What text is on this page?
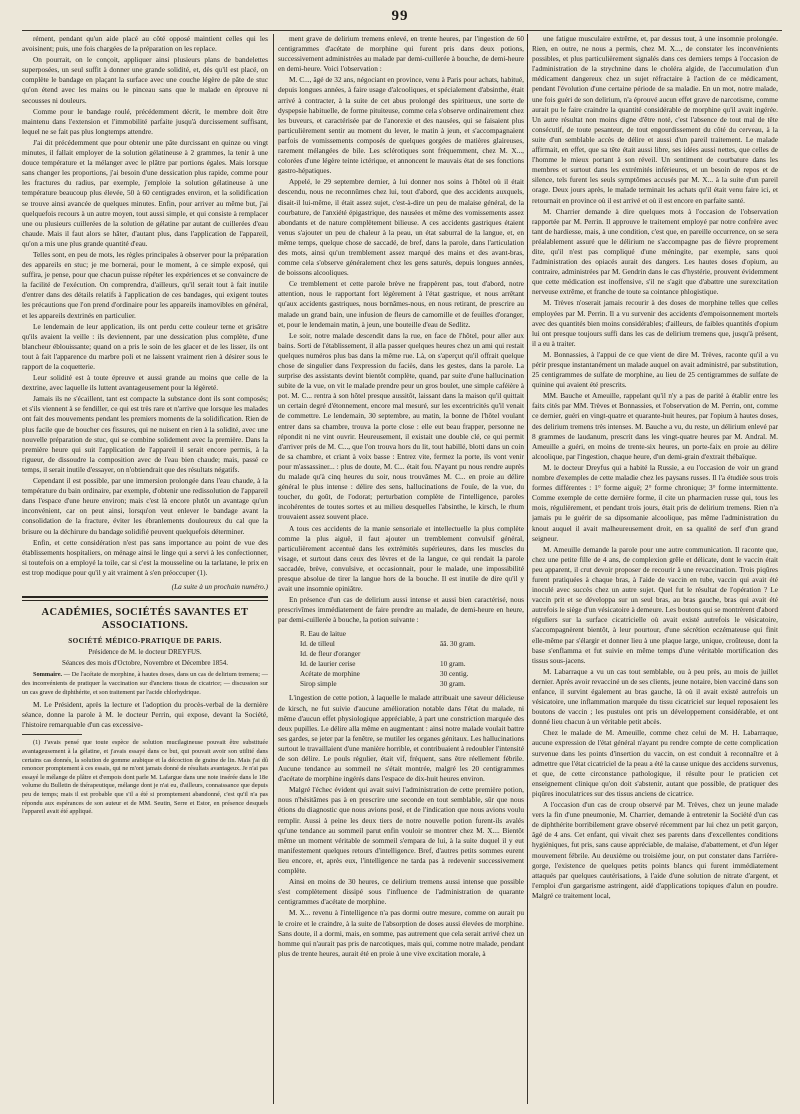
99

rément, pendant qu'un aide placé au côté opposé maintient celles qui les avoisinent; puis, une fois chargées de la préparation on les replace.

On pourrait, on le conçoit, appliquer ainsi plusieurs plans de bandelettes superposées, un seul suffit à donner une grande solidité, et, dès qu'il est placé, on complète le bandage en plaçant la surface avec une couche légère de pâte de stuc qu'on étend avec les mains ou le pinceau sans que le malade en éprouve ni secousses ni douleurs.

Comme pour le bandage roulé, précédemment décrit, le membre doit être maintenu dans l'extension et l'immobilité parfaite jusqu'à durcissement suffisant, lequel ne se fait pas plus longtemps attendre.

J'ai dit précédemment que pour obtenir une pâte durcissant en quinze ou vingt minutes, il fallait employer de la solution gélatineuse à 2 grammes, la tenir à une douce température et la mélanger avec le plâtre par portions égales. Mais lorsque sans changer les proportions, j'ai besoin d'une dessication plus rapide, comme pour les fractures du radius, par exemple, j'emploie la solution gélatineuse à une température beaucoup plus élevée, 50 à 60 centigrades environ, et la solidification se trouve ainsi avancée de quelques minutes. Enfin, pour arriver au même but, j'ai quelquefois recours à un autre moyen, tout aussi simple, et qui consiste à remplacer une ou plusieurs cuillerées de la solution de gélatine par autant de cuillerées d'eau chaude. Mais il faut alors se hâter, d'autant plus, dans l'application de l'appareil, qu'on a mis une plus grande quantité d'eau.

Telles sont, en peu de mots, les règles principales à observer pour la préparation des appareils en stuc; je me bornerai, pour le moment, à ce simple exposé, qui suffira, je pense, pour que chacun puisse répéter les expériences et se convaincre de la facilité de l'exécution. On comprendra, d'ailleurs, qu'il serait tout à fait inutile d'entrer dans des détails relatifs à l'application de ces bandages, qui exigent toutes les précautions que l'on prend d'ordinaire pour les appareils inamovibles en général, et les appareils dextrinés en particulier.

Le lendemain de leur application, ils ont perdu cette couleur terne et grisâtre qu'ils avaient la veille : ils deviennent, par une dessication plus complète, d'une blancheur éblouissante; quand on a pris le soin de les glacer et de les lisser, ils ont tout à fait l'apparence du marbre poli et ne laissent vraiment rien à désirer sous le rapport de la coquetterie.

Leur solidité est à toute épreuve et aussi grande au moins que celle de la dextrine, avec laquelle ils luttent avantageusement pour la légèreté.

Jamais ils ne s'écaillent, tant est compacte la substance dont ils sont composés; et s'ils viennent à se fendiller, ce qui est très rare et n'arrive que lorsque les malades ont fait des mouvements pendant les premiers moments de la solidification. Rien de plus facile que de boucher ces fissures, qui ne nuisent en rien à la solidité, avec une nouvelle préparation de stuc, qui se combine solidement avec la première. Dans la première heure qui suit l'application de l'appareil il serait encore permis, à la rigueur, de dissoudre la composition avec de l'eau bien chaude; mais, passé ce temps, il serait inutile d'essayer, on n'obtiendrait que des résultats négatifs.

Cependant il est possible, par une immersion prolongée dans l'eau chaude, à la température du bain ordinaire, par exemple, d'obtenir une redissolution de l'appareil dans l'espace d'une heure environ; mais c'est là encore plutôt un avantage qu'un inconvénient, car on peut ainsi, lorsqu'on veut enlever le bandage avant la consolidation de la fracture, éviter les ébranlements douloureux du cal que la brisure ou la déchirure du bandage solidifié peuvent quelquefois déterminer.

Enfin, et cette considération n'est pas sans importance au point de vue des établissements hospitaliers, on ménage ainsi le linge qui a servi à les confectionner, si toutefois on a employé la toile, car si c'est la mousseline ou la tarlatane, le prix en est trop modique pour qu'il y ait vraiment à s'en préoccuper (1).

(La suite à un prochain numéro.)
ACADÉMIES, SOCIÉTÉS SAVANTES ET ASSOCIATIONS.
SOCIÉTÉ MÉDICO-PRATIQUE DE PARIS.
Présidence de M. le docteur DREYFUS.
Séances des mois d'Octobre, Novembre et Décembre 1854.
Sommaire. — De l'acétate de morphine, à hautes doses, dans un cas de delirium tremens; — des inconvénients de pratiquer la vaccination sur d'anciens tissus de cicatrice; — discussion sur un cas grave de diphthérite, et son traitement par l'acide chlorhydrique.

M. Le Président, après la lecture et l'adoption du procès-verbal de la dernière séance, donne la parole à M. le docteur Perrin, qui expose, devant la Société, l'histoire remarquable d'un cas excessive-

(1) J'avais pensé que toute espèce de solution mucilagineuse pouvait être substituée avantageusement à la gélatine, et j'avais essayé dans ce but, qui pouvait avoir son utilité dans certains cas donnés, la solution de gomme arabique et la décoction de graine de lin. Mais j'ai dû renoncer promptement à ces essais, qui ne m'ont jamais donné de résultats avantageux. Je n'ai pas essayé le mélange de plâtre et d'empois dont parle M. Lafargue dans une note insérée dans le 18e volume du Bulletin de thérapeutique, mélange dont je n'ai eu, d'ailleurs, connaissance que depuis peu de temps; mais il est probable que s'il a été si promptement abandonné, c'est qu'il n'a pas répondu aux espérances de son auteur et de MM. Seutin, Serre et Estor, en présence desquels l'appareil avait été appliqué.

ment grave de delirium tremens enlevé, en trente heures, par l'ingestion de 60 centigrammes d'acétate de morphine qui furent pris dans deux potions, successivement administrées au malade par demi-cuillerée à bouche, de demi-heure en demi-heure. Voici l'observation :

M. C..., âgé de 32 ans, négociant en province, venu à Paris pour achats, habitué, depuis longues années, à faire usage d'alcooliques, et spécialement d'absinthe, était arrivé à contracter, à la suite de cet abus prolongé des spiritueux, une sorte de dyspepsie habituelle, de forme pituiteuse, comme cela s'observe ordinairement chez les buveurs, et caractérisée par de l'anorexie et des nausées, qui se faisaient plus particulièrement sentir au moment du lever, le matin à jeun, et s'accompagnaient parfois de vomissements composés de quelques gorgées de matières glaireuses, rarement mélangées de bile. Les sclérotiques sont fréquemment, chez M. X..., colorées d'une légère teinte ictérique, et annoncent le mauvais état de ses fonctions gastro-hépatiques.

Appelé, le 29 septembre dernier, à lui donner nos soins à l'hôtel où il était descendu, nous ne reconnûmes chez lui, tout d'abord, que des accidents auxquels, disait-il lui-même, il était assez sujet, c'est-à-dire un peu de malaise général, de la courbature, de l'anxiété épigastrique, des nausées et même des vomissements assez abondants et de nature complètement bilieuse. A ces accidents gastriques étaient venus s'ajouter un peu de chaleur à la peau, un état saburral de la langue, et, en même temps, quelque chose de saccadé, de bref, dans la parole, dans l'articulation des mots, ainsi qu'un tremblement assez marqué des mains et des avant-bras, comme cela s'observe généralement chez les gens saturés, depuis longues années, de boissons alcooliques.

Ce tremblement et cette parole brève ne frappèrent pas, tout d'abord, notre attention, nous le rapportant fort légèrement à l'état gastrique, et nous arrêtant qu'aux accidents gastriques, nous bornâmes-nous, en nous retirant, de prescrire au malade un grand bain, une infusion de fleurs de camomille et de feuilles d'oranger, et, pour le lendemain matin, à jeun, une bouteille d'eau de Sedlitz.

Le soir, notre malade descendit dans la rue, en face de l'hôtel, pour aller aux bains. Sorti de l'établissement, il alla passer quelques heures chez un ami qui restait quelques numéros plus bas dans la même rue. Là, on s'aperçut qu'il offrait quelque chose de singulier dans l'expression du faciès, dans les gestes, dans la parole. La surprise des assistants devint bientôt complète, quand, par suite d'une hallucination subite de la vue, on vit le malade prendre peur un gros boulet, une simple caféière à pot. M. C... rentra à son hôtel presque aussitôt, laissant dans la maison qu'il quittait un certain degré d'étonnement, encore mal mesuré, sur les excentricités qu'il venait de commettre. Le lendemain, 30 septembre, au matin, la bonne de l'hôtel voulant entrer dans sa chambre, trouva la porte close : elle eut beau frapper, personne ne répondit ni ne vint ouvrir. Heureusement, il existait une double clé, ce qui permit d'arriver près de M. C..., que l'on trouva hors du lit, tout habillé, blotti dans un coin de sa chambre, et criant à voix basse : Entrez vite, fermez la porte, ils vont venir pour m'assassiner... : plus de doute, M. C... était fou. N'ayant pu nous rendre auprès du malade qu'à cinq heures du soir, nous trouvâmes M. C... en proie au délire général le plus intense : délire des sens, hallucinations de l'ouïe, de la vue, du toucher, du goût, de l'odorat; perturbation complète de l'intelligence, paroles incohérentes de toutes sortes et au milieu desquelles l'absinthe, le kirsch, le rhum trouvaient assez souvent place.

A tous ces accidents de la manie sensoriale et intellectuelle la plus complète comme la plus aiguë, il faut ajouter un tremblement convulsif général, particulièrement accentué dans les extrémités supérieures, dans les muscles du visage, et surtout dans ceux des lèvres et de la langue, ce qui rendait la parole saccadée, brève, convulsive, et occasionnait, pour le malade, une impossibilité presque absolue de tirer la langue hors de la bouche. Il est inutile de dire qu'il y avait une insomnie opiniâtre.

En présence d'un cas de delirium aussi intense et aussi bien caractérisé, nous prescrivîmes immédiatement de faire prendre au malade, de demi-heure en heure, par demi-cuillerée à bouche, la potion suivante :

R. Eau de laitue
Id. de tilleul	āā. 30 gram.
Id. de fleur d'oranger
Id. de laurier cerise	10 gram.
Acétate de morphine	30 centig.
Sirop simple	30 gram.

L'ingestion de cette potion, à laquelle le malade attribuait une saveur délicieuse de kirsch, ne fut suivie d'aucune amélioration notable dans l'état du malade, ni même d'aucun effet physiologique appréciable, à part une constriction marquée des deux pupilles. Le délire alla même en augmentant : ainsi notre malade voulait battre ses gardes, se jeter par la fenêtre, se mutiler les organes génitaux. Les hallucinations surtout le travaillaient d'une manière horrible, et contribuaient à redoubler l'intensité de son délire. Le pouls régulier, était vif, fréquent, sans être réellement fébrile. Aucune tendance au sommeil ne s'était montrée, malgré les 20 centigrammes d'acétate de morphine ingérés dans l'espace de dix-huit heures environ.

Malgré l'échec évident qui avait suivi l'administration de cette première potion, nous n'hésitâmes pas à en prescrire une seconde en tout semblable, sûr que nous étions du diagnostic que nous avions posé, et de l'indication que nous avions voulu remplir. Aussi à peine les deux tiers de notre nouvelle potion furent-ils avalés qu'une tendance au sommeil parut enfin vouloir se montrer chez M. X.... Bientôt même un moment véritable de sommeil s'empara de lui, à la suite duquel il y eut manifestement quelques retours d'intelligence. Bref, d'autres petits sommes eurent lieu encore, et, après eux, l'intelligence ne tarda pas à redevenir successivement complète.

Ainsi en moins de 30 heures, ce delirium tremens aussi intense que possible s'est complètement dissipé sous l'influence de l'administration de quarante centigrammes d'acétate de morphine.

M. X... revenu à l'intelligence n'a pas dormi outre mesure, comme on aurait pu le croire et le craindre, à la suite de l'absorption de doses aussi élevées de morphine. Sans doute, il a dormi, mais, en somme, pas autrement que cela serait arrivé chez un homme qui n'aurait pas pris de narcotiques, mais qui, comme notre malade, pendant plus de trente heures, aurait été en proie à une vive excitation morale, à

une fatigue musculaire extrême, et, par dessus tout, à une insomnie prolongée. Rien, en outre, ne nous a permis, chez M. X..., de constater les inconvénients possibles, et plus particulièrement signalés dans ces derniers temps à l'occasion de l'administration de la strychnine dans le choléra algide, de l'accumulation d'un médicament dangereux chez un sujet réfractaire à l'action de ce médicament, pendant l'évolution d'une certaine période de sa maladie. En un mot, notre malade, une fois guéri de son delirium, n'a éprouvé aucun effet grave de narcotisme, comme aurait pu le faire craindre la quantité considérable de morphine qu'il avait ingérée. Un autre résultat non moins digne d'être noté, c'est l'absence de tout mal de tête consécutif, de toute pesanteur, de tout engourdissement du côté du cerveau, à la suite d'un semblable accès de délire et aussi d'un pareil traitement. Le malade affirmait, en effet, que sa tête était aussi libre, ses idées aussi nettes, que celles de l'homme le mieux portant à son réveil. Un sentiment de courbature dans les membres et surtout dans les extrémités inférieures, et un besoin de repos et de silence, tels furent les seuls symptômes accusés par M. X... à la suite d'un pareil orage. Deux jours après, le malade terminait les achats qu'il était venu faire ici, et retournait en province où il est arrivé et où il est encore en parfaite santé.

M. Charrier demande à dire quelques mots à l'occasion de l'observation rapportée par M. Perrin. Il approuve le traitement employé par notre confrère avec tant de hardiesse, mais, à une condition, c'est que, en pareille occurrence, on se sera préalablement assuré que le délirium ne s'accompagne pas de fièvre proprement dite, qu'il n'est pas compliqué d'une méningite, par exemple, sans quoi l'administration des opiacés aurait des dangers. Les hautes doses d'opium, au contraire, administrées par M. Gendrin dans le cas d'hystérie, prouvent évidemment que cette médication est inoffensive, s'il ne s'agit que d'abattre une surexcitation nerveuse extrême, et franche de toute sa cointance phlogistique.

M. Trèves n'oserait jamais recourir à des doses de morphine telles que celles employées par M. Perrin. Il a vu survenir des accidents d'empoisonnement mortels avec des quantités bien moins considérables; d'ailleurs, de faibles quantités d'opium lui ont presque toujours suffi dans les cas de delirium tremens que, jusqu'à présent, il a eu à traiter.

M. Bonnassies, à l'appui de ce que vient de dire M. Trèves, raconte qu'il a vu périr presque instantanément un malade auquel on avait administré, par substitution, 25 centigrammes de sulfate de morphine, au lieu de 25 centigrammes de sulfate de quinine qui avaient été prescrits.

MM. Bauche et Ameuille, rappelant qu'il n'y a pas de parité à établir entre les faits cités par MM. Trèves et Bonnassies, et l'observation de M. Perrin, ont, comme ce dernier, guéri en vingt-quatre et quarante-huit heures, par l'opium à hautes doses, des delirium tremens très intenses. M. Bauche a vu, du reste, un délirium enlevé par 8 grammes de laudanum, prescrit dans les vingt-quatre heures par M. Andral. M. Ameuille a guéri, en moins de trente-six heures, un porte-faix en proie au délire alcoolique, par l'ingestion, chaque heure, d'un demi-grain d'extrait thébaïque.

M. le docteur Dreyfus qui a habité la Russie, a eu l'occasion de voir un grand nombre d'exemples de cette maladie chez les paysans russes. Il l'a étudiée sous trois formes différentes : 1° forme aiguë; 2° forme chronique; 3° forme intermittente. Comme exemple de cette dernière forme, il cite un pharmacien russe qui, tous les mois, régulièrement, et pendant trois jours, était pris de delirium tremens. Rien n'a jamais pu le guérir de sa dipsomanie alcoolique, pas même l'administration du knout auquel il avait malheureusement droit, en sa qualité de serf d'un grand seigneur.

M. Ameuille demande la parole pour une autre communication. Il raconte que, chez une petite fille de 4 ans, de complexion grêle et délicate, dont le vaccin était peu apparent, il crut devoir proposer de recourir à une revaccination. Trois piqûres furent pratiquées à chaque bras, à l'aide de vaccin en tube, vaccin qui avait été inoculé avec succès chez un autre sujet. Quel fut le résultat de l'opération ? Le vaccin prit et se développa sur un seul bras, au bras gauche, bras qui avait été autrefois le siège d'un vésicatoire à demeure. Les boutons qui se montrèrent d'abord réguliers sur la surface cicatricielle où avait existé autrefois le vésicatoire, s'accompagnèrent bientôt, à leur pourtour, d'une sécrétion eczémateuse qui finit elle-même par s'élargir et donner lieu à une plaque large, unique, croûteuse, dont la base s'enflamma et fut suivie en même temps d'une véritable mortification des tissus sous-jacens.

M. Labarraque a vu un cas tout semblable, ou à peu près, au mois de juillet dernier. Après avoir revacciné un de ses clients, jeune notaire, bien vacciné dans son enfance, il survint également au bras gauche, là où il avait existé autrefois un vésicatoire, une inflammation marquée du tissu cicatriciel sur lequel reposaient les boutons de vaccin ; les pustules ont pris un développement considérable, et ont donné lieu chacun à un véritable petit abcès.

Chez le malade de M. Ameuille, comme chez celui de M. H. Labarraque, aucune expression de l'état général n'ayant pu rendre compte de cette complication survenue dans les points d'insertion du vaccin, on est conduit à reconnaître et à admettre que l'état cicatriciel de la peau a été la cause unique des accidens survenus, et que, de cette circonstance pathologique, il résulte pour le praticien cet enseignement clinique qu'on doit s'abstenir, autant que possible, de pratiquer des piqûres inoculatrices sur des tissus anciens de cicatrice.

A l'occasion d'un cas de croup observé par M. Trèves, chez un jeune malade vers la fin d'une pneumonie, M. Charrier, demande à entretenir la Société d'un cas de diphthérite borribilement grave observé récemment par lui chez un petit garçon, âgé de 4 ans. Cet enfant, qui vivait chez ses parents dans d'excellentes conditions hygiéniques, fut pris, sans cause appréciable, de malaise, d'abattement, et d'un léger mouvement fébrile. Au deuxième ou troisième jour, on put constater dans l'arrière-gorge, l'existence de quelques petits points blancs qui furent immédiatement attaqués par quelques cautérisations, à l'aide d'une solution de nitrate d'argent, et l'emploi d'un gargarisme astringent, aidé d'applications topiques d'alun en poudre. Malgré ce traitement local,
